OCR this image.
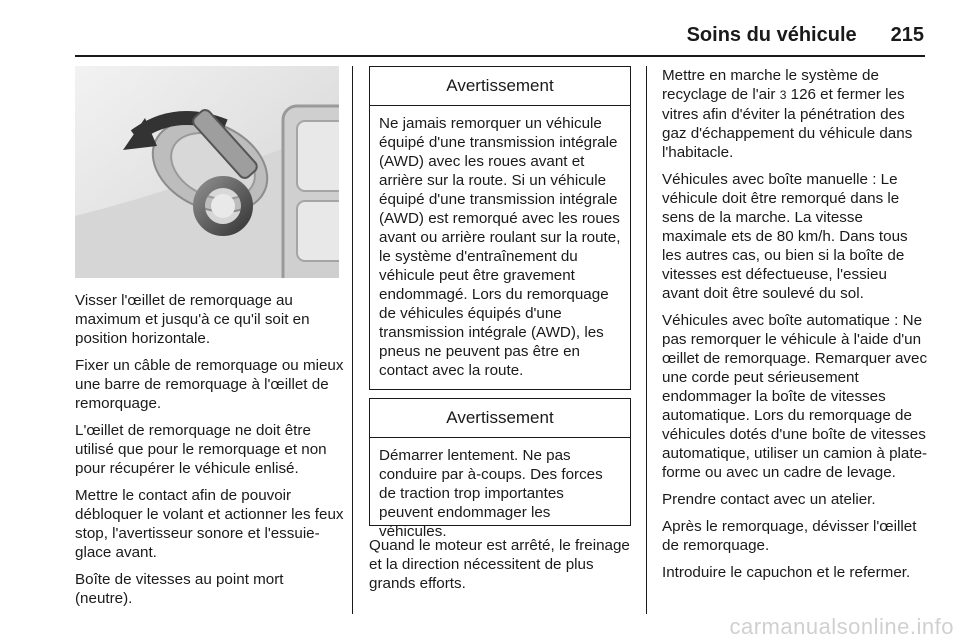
Soins du véhicule 215

Visser l'œillet de remorquage au maximum et jusqu'à ce qu'il soit en position horizontale.

Fixer un câble de remorquage ou mieux une barre de remorquage à l'œillet de remorquage.

L'œillet de remorquage ne doit être utilisé que pour le remorquage et non pour récupérer le véhicule enlisé.

Mettre le contact afin de pouvoir débloquer le volant et actionner les feux stop, l'avertisseur sonore et l'essuie-glace avant.

Boîte de vitesses au point mort (neutre).

Avertissement
Ne jamais remorquer un véhicule équipé d'une transmission intégrale (AWD) avec les roues avant et arrière sur la route. Si un véhicule équipé d'une transmission intégrale (AWD) est remorqué avec les roues avant ou arrière roulant sur la route, le système d'entraînement du véhicule peut être gravement endommagé. Lors du remorquage de véhicules équipés d'une transmission intégrale (AWD), les pneus ne peuvent pas être en contact avec la route.
Avertissement
Démarrer lentement. Ne pas conduire par à-coups. Des forces de traction trop importantes peuvent endommager les véhicules.

Quand le moteur est arrêté, le freinage et la direction nécessitent de plus grands efforts.

Mettre en marche le système de recyclage de l'air 3 126 et fermer les vitres afin d'éviter la pénétration des gaz d'échappement du véhicule dans l'habitacle.

Véhicules avec boîte manuelle : Le véhicule doit être remorqué dans le sens de la marche. La vitesse maximale ets de 80 km/h. Dans tous les autres cas, ou bien si la boîte de vitesses est défectueuse, l'essieu avant doit être soulevé du sol.

Véhicules avec boîte automatique : Ne pas remorquer le véhicule à l'aide d'un œillet de remorquage. Remarquer avec une corde peut sérieusement endommager la boîte de vitesses automatique. Lors du remorquage de véhicules dotés d'une boîte de vitesses automatique, utiliser un camion à plate-forme ou avec un cadre de levage.

Prendre contact avec un atelier.

Après le remorquage, dévisser l'œillet de remorquage.

Introduire le capuchon et le refermer.

carmanualsonline.info
